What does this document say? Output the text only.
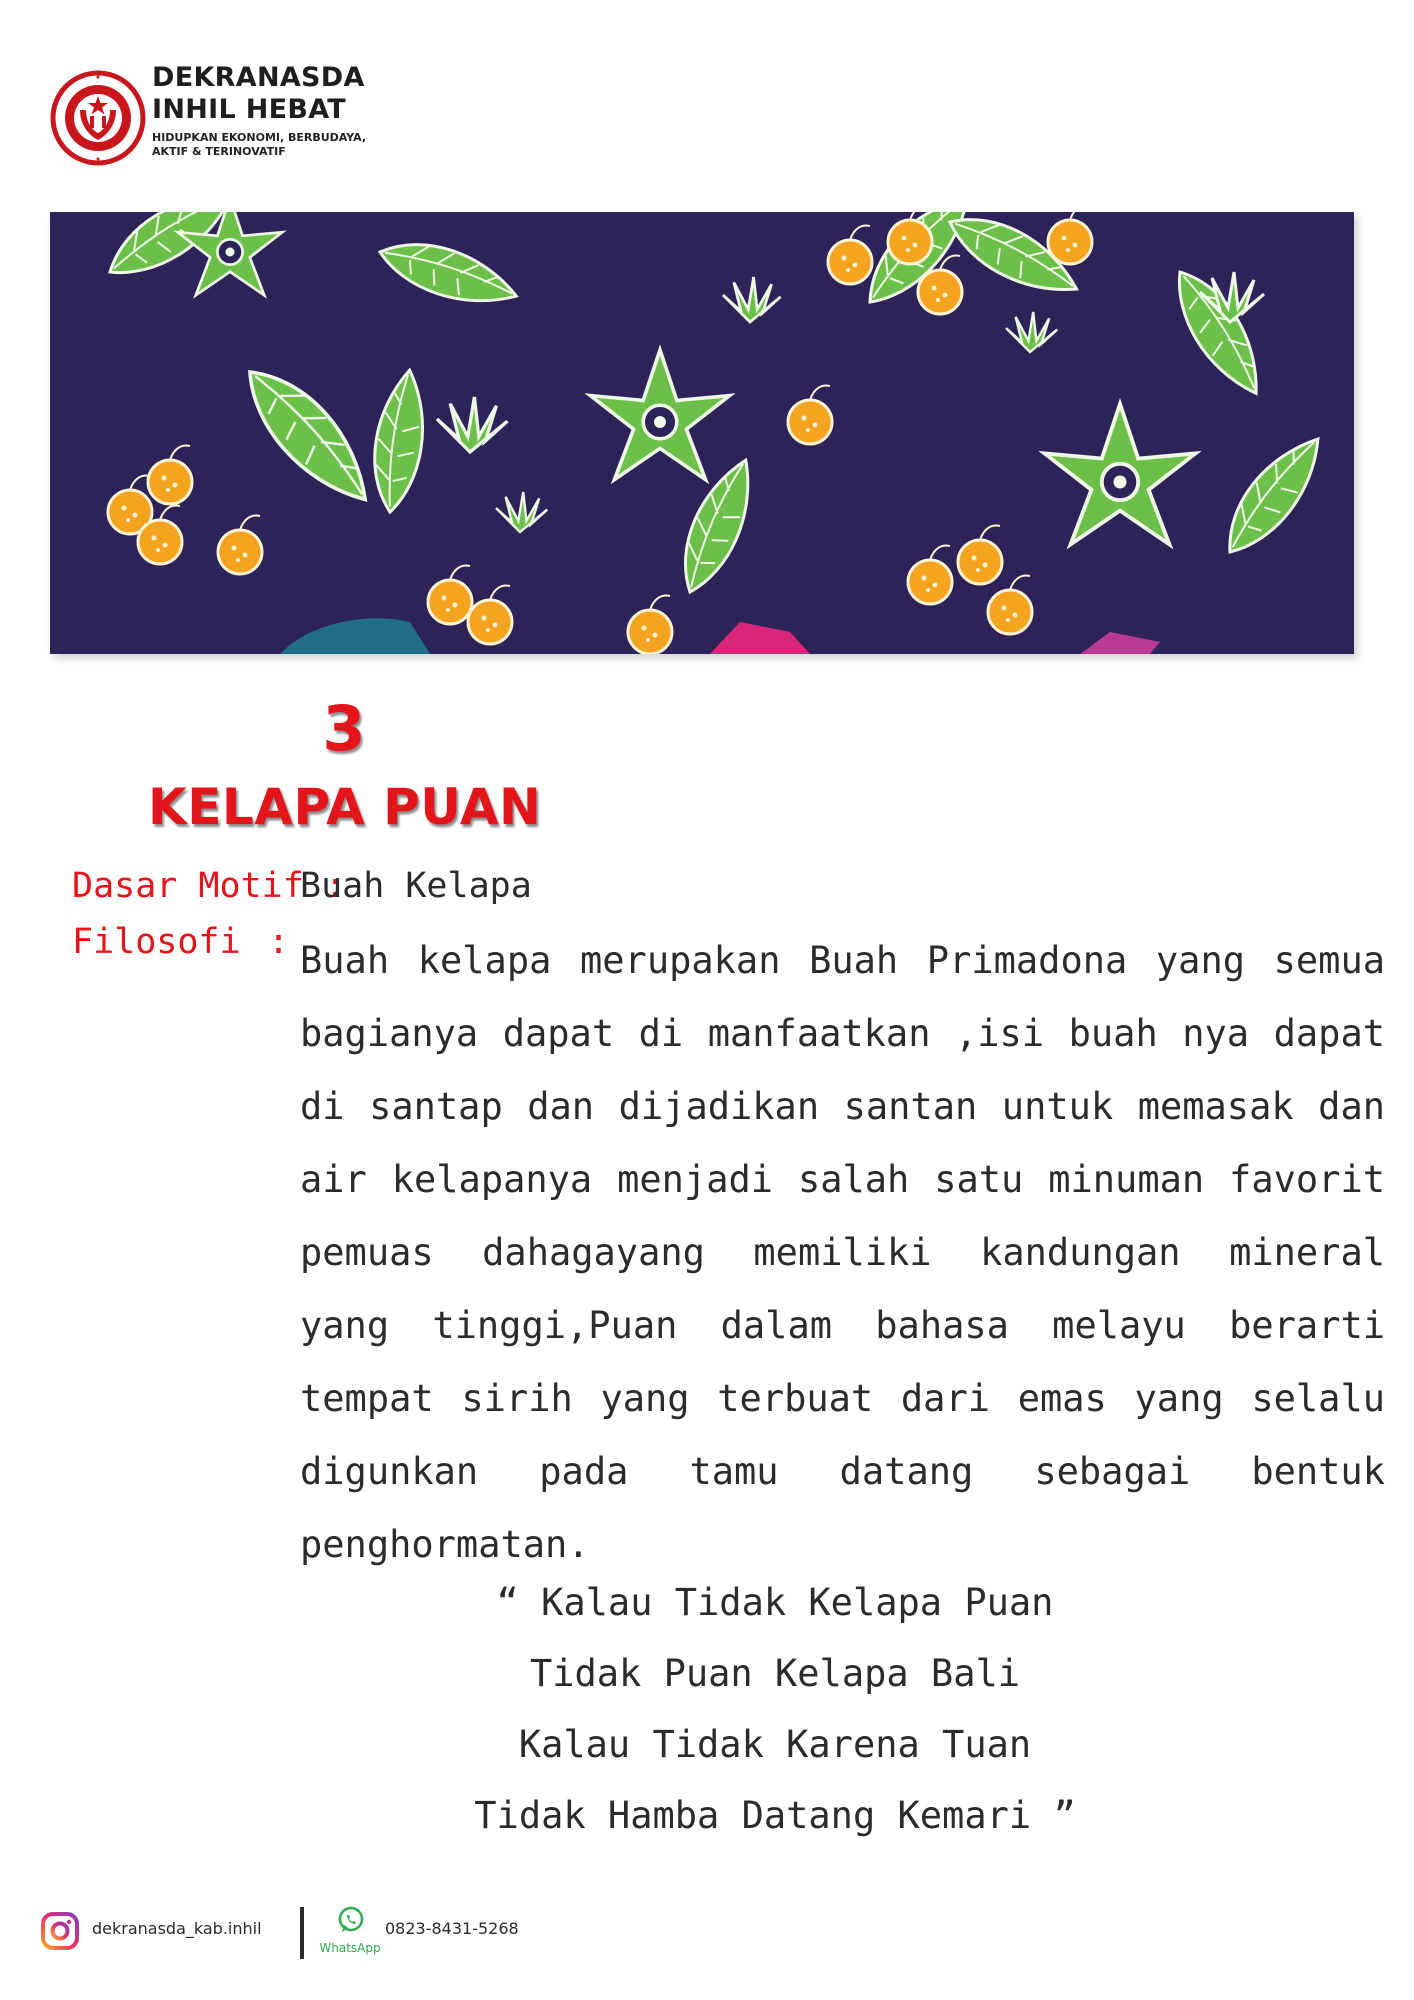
DEKRANASDA
INHIL HEBAT
HIDUPKAN EKONOMI, BERBUDAYA, AKTIF & TERINOVATIF
3
KELAPA PUAN
Dasar Motif :
Buah Kelapa
Filosofi : Buah kelapa merupakan Buah Primadona yang semua bagianya dapat di manfaatkan ,isi buah nya dapat di santap dan dijadikan santan untuk memasak dan air kelapanya menjadi salah satu minuman favorit pemuas dahagayang memiliki kandungan mineral yang tinggi,Puan dalam bahasa melayu berarti tempat sirih yang terbuat dari emas yang selalu digunkan pada tamu datang sebagai bentuk penghormatan.
“ Kalau Tidak Kelapa Puan
Tidak Puan Kelapa Bali
Kalau Tidak Karena Tuan
Tidak Hamba Datang Kemari ”
dekranasda_kab.inhil
WhatsApp
0823-8431-5268
